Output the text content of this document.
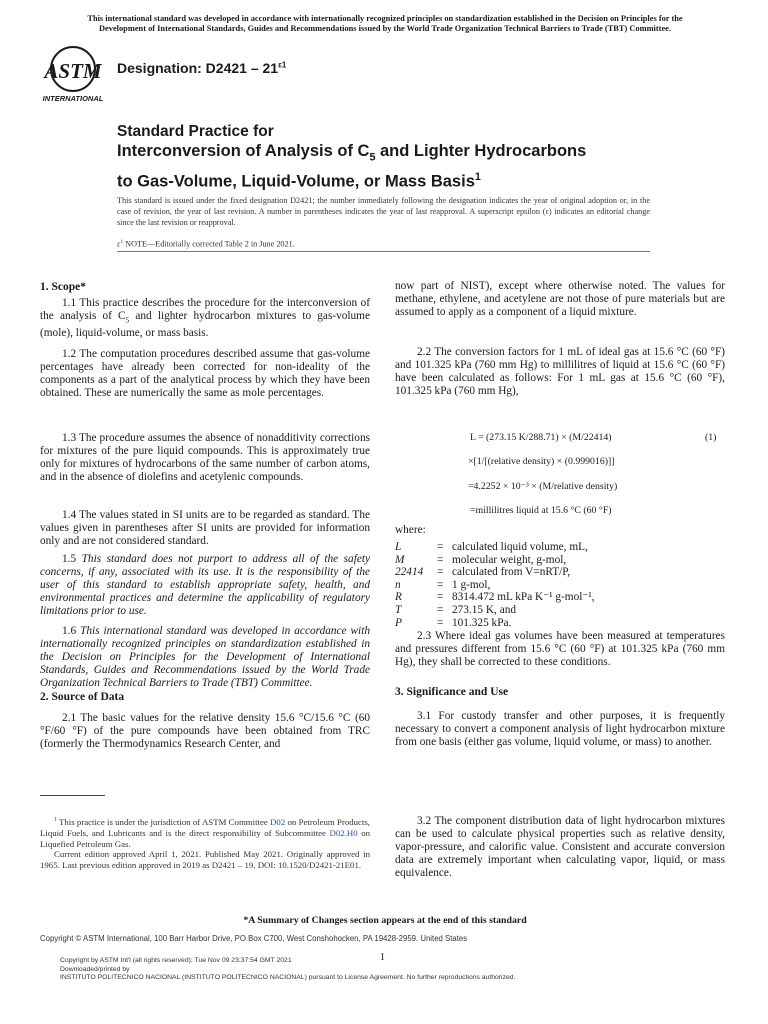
This international standard was developed in accordance with internationally recognized principles on standardization established in the Decision on Principles for the
Development of International Standards, Guides and Recommendations issued by the World Trade Organization Technical Barriers to Trade (TBT) Committee.
ASTM
INTERNATIONAL
Designation: $D2421 - 21^{\varepsilon 1}$
Standard Practice for
Interconversion of Analysis of $C_5$ and Lighter Hydrocarbons
to Gas-Volume, Liquid-Volume, or Mass Basis$^1$
This standard is issued under the fixed designation D2421; the number immediately following the designation indicates the year of original adoption or, in the case of revision, the year of last revision. A number in parentheses indicates the year of last reapproval. A superscript epsilon (ε) indicates an editorial change since the last revision or reapproval.
$\varepsilon^1$ NOTE—Editorially corrected Table 2 in June 2021.
1. Scope*

1.1 This practice describes the procedure for the interconversion of the analysis of $C_5$ and lighter hydrocarbon mixtures to gas-volume (mole), liquid-volume, or mass basis.

1.2 The computation procedures described assume that gas-volume percentages have already been corrected for non-ideality of the components as a part of the analytical process by which they have been obtained. These are numerically the same as mole percentages.

1.3 The procedure assumes the absence of nonadditivity corrections for mixtures of the pure liquid compounds. This is approximately true only for mixtures of hydrocarbons of the same number of carbon atoms, and in the absence of diolefins and acetylenic compounds.

1.4 The values stated in SI units are to be regarded as standard. The values given in parentheses after SI units are provided for information only and are not considered standard.

1.5 This standard does not purport to address all of the safety concerns, if any, associated with its use. It is the responsibility of the user of this standard to establish appropriate safety, health, and environmental practices and determine the applicability of regulatory limitations prior to use.

1.6 This international standard was developed in accordance with internationally recognized principles on standardization established in the Decision on Principles for the Development of International Standards, Guides and Recommendations issued by the World Trade Organization Technical Barriers to Trade (TBT) Committee.

2. Source of Data

2.1 The basic values for the relative density 15.6 °C/15.6 °C (60 °F/60 °F) of the pure compounds have been obtained from TRC (formerly the Thermodynamics Research Center, and

$^1$ This practice is under the jurisdiction of ASTM Committee D02 on Petroleum Products, Liquid Fuels, and Lubricants and is the direct responsibility of Subcommittee D02.H0 on Liquefied Petroleum Gas.

Current edition approved April 1, 2021. Published May 2021. Originally approved in 1965. Last previous edition approved in 2019 as D2421 – 19. DOI: 10.1520/D2421-21E01.

now part of NIST), except where otherwise noted. The values for methane, ethylene, and acetylene are not those of pure materials but are assumed to apply as a component of a liquid mixture.

2.2 The conversion factors for 1 mL of ideal gas at 15.6 °C (60 °F) and 101.325 kPa (760 mm Hg) to millilitres of liquid at 15.6 °C (60 °F) have been calculated as follows: For 1 mL gas at 15.6 °C (60 °F), 101.325 kPa (760 mm Hg),

L = (273.15 K/288.71) × (M/22414)	(1)
×[1/[(relative density) × (0.999016)]]
=4.2252 × 10⁻³ × (M/relative density)
=millilitres liquid at 15.6 °C (60 °F)
where:
L	= calculated liquid volume, mL,
M	= molecular weight, g-mol,
22414 = calculated from V=nRT/P,
n	= 1 g-mol,
R	= 8314.472 mL kPa K⁻¹ g-mol⁻¹,
T	= 273.15 K, and
P	= 101.325 kPa.

2.3 Where ideal gas volumes have been measured at temperatures and pressures different from 15.6 °C (60 °F) at 101.325 kPa (760 mm Hg), they shall be corrected to these conditions.

3. Significance and Use

3.1 For custody transfer and other purposes, it is frequently necessary to convert a component analysis of light hydrocarbon mixture from one basis (either gas volume, liquid volume, or mass) to another.

3.2 The component distribution data of light hydrocarbon mixtures can be used to calculate physical properties such as relative density, vapor-pressure, and calorific value. Consistent and accurate conversion data are extremely important when calculating vapor, liquid, or mass equivalence.

*A Summary of Changes section appears at the end of this standard
Copyright © ASTM International, 100 Barr Harbor Drive, PO Box C700, West Conshohocken, PA 19428-2959. United States
1
Copyright by ASTM Int'l (all rights reserved); Tue Nov 09 23:37:54 GMT 2021
Downloaded/printed by
INSTITUTO POLITECNICO NACIONAL (INSTITUTO POLITECNICO NACIONAL) pursuant to License Agreement. No further reproductions authorized.
